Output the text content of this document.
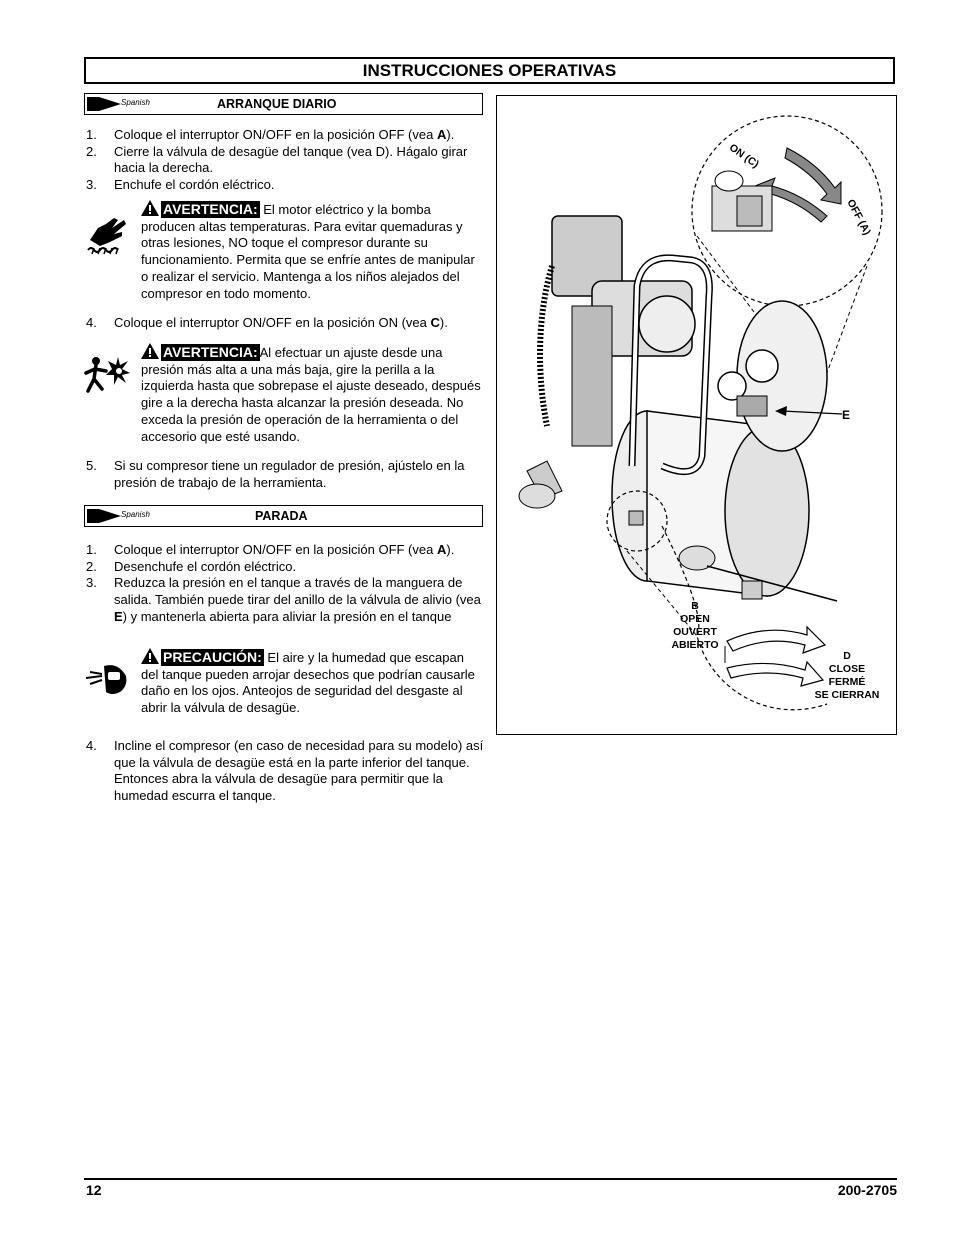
INSTRUCCIONES OPERATIVAS
Spanish	ARRANQUE DIARIO
1. Coloque el interruptor ON/OFF en la posición OFF (vea A).
2. Cierre la válvula de desagüe del tanque (vea D). Hágalo girar hacia la derecha.
3. Enchufe el cordón eléctrico.
AVERTENCIA: El motor eléctrico y la bomba producen altas temperaturas. Para evitar quemaduras y otras lesiones, NO toque el compresor durante su funcionamiento. Permita que se enfríe antes de manipular o realizar el servicio. Mantenga a los niños alejados del compresor en todo momento.
4. Coloque el interruptor ON/OFF en la posición ON (vea C).
AVERTENCIA: Al efectuar un ajuste desde una presión más alta a una más baja, gire la perilla a la izquierda hasta que sobrepase el ajuste deseado, después gire a la derecha hasta alcanzar la presión deseada. No exceda la presión de operación de la herramienta o del accesorio que esté usando.
5. Si su compresor tiene un regulador de presión, ajústelo en la presión de trabajo de la herramienta.
Spanish	PARADA
1. Coloque el interruptor ON/OFF en la posición OFF (vea A).
2. Desenchufe el cordón eléctrico.
3. Reduzca la presión en el tanque a través de la manguera de salida. También puede tirar del anillo de la válvula de alivio (vea E) y mantenerla abierta para aliviar la presión en el tanque
PRECAUCIÓN: El aire y la humedad que escapan del tanque pueden arrojar desechos que podrían causarle daño en los ojos. Anteojos de seguridad del desgaste al abrir la válvula de desagüe.
4. Incline el compresor (en caso de necesidad para su modelo) así que la válvula de desagüe está en la parte inferior del tanque. Entonces abra la válvula de desagüe para permitir que la humedad escurra el tanque.
ON (C)
OFF (A)
E
B
OPEN
OUVERT
ABIERTO
D
CLOSE
FERMÉ
SE CIERRAN
12	200-2705
